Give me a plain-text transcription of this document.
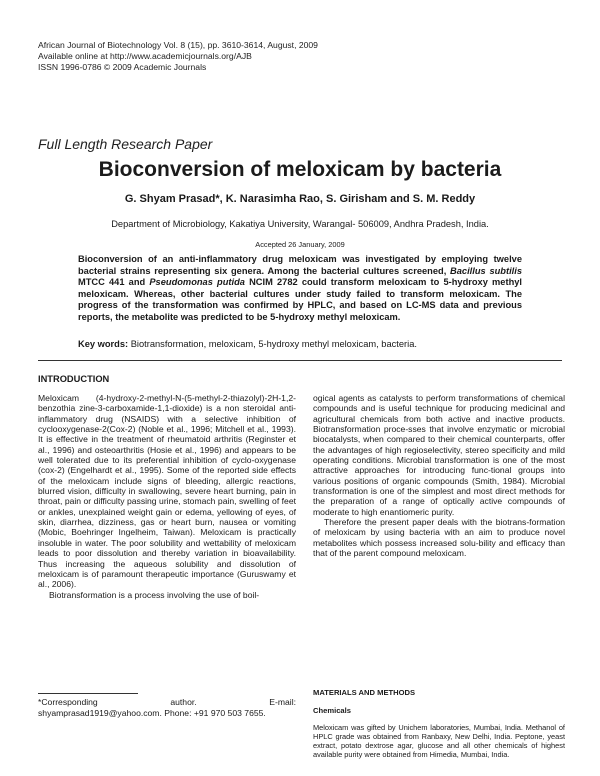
African Journal of Biotechnology Vol. 8 (15), pp. 3610-3614, August, 2009
Available online at http://www.academicjournals.org/AJB
ISSN 1996-0786 © 2009 Academic Journals
Full Length Research Paper
Bioconversion of meloxicam by bacteria
G. Shyam Prasad*, K. Narasimha Rao, S. Girisham and S. M. Reddy
Department of Microbiology, Kakatiya University, Warangal- 506009, Andhra Pradesh, India.
Accepted 26 January, 2009
Bioconversion of an anti-inflammatory drug meloxicam was investigated by employing twelve bacterial strains representing six genera. Among the bacterial cultures screened, Bacillus subtilis MTCC 441 and Pseudomonas putida NCIM 2782 could transform meloxicam to 5-hydroxy methyl meloxicam. Whereas, other bacterial cultures under study failed to transform meloxicam. The progress of the transformation was confirmed by HPLC, and based on LC-MS data and previous reports, the metabolite was predicted to be 5-hydroxy methyl meloxicam.
Key words: Biotransformation, meloxicam, 5-hydroxy methyl meloxicam, bacteria.
INTRODUCTION

Meloxicam (4-hydroxy-2-methyl-N-(5-methyl-2-thiazolyl)-2H-1,2-benzothia zine-3-carboxamide-1,1-dioxide) is a non steroidal anti-inflammatory drug (NSAIDS) with a selective inhibition of cyclooxygenase-2(Cox-2) (Noble et al., 1996; Mitchell et al., 1993). It is effective in the treatment of rheumatoid arthritis (Reginster et al., 1996) and osteoarthritis (Hosie et al., 1996) and appears to be well tolerated due to its preferential inhibition of cyclo-oxygenase (cox-2) (Engelhardt et al., 1995). Some of the reported side effects of the meloxicam include signs of bleeding, allergic reactions, blurred vision, difficulty in swallowing, severe heart burning, pain in throat, pain or difficulty passing urine, stomach pain, swelling of feet or ankles, unexplained weight gain or edema, yellowing of eyes, of skin, diarrhea, dizziness, gas or heart burn, nausea or vomiting (Mobic, Boehringer Ingelheim, Taiwan). Meloxicam is practically insoluble in water. The poor solubility and wettability of meloxicam leads to poor dissolution and thereby variation in bioavailability. Thus increasing the aqueous solubility and dissolution of meloxicam is of paramount therapeutic importance (Guruswamy et al., 2006).

Biotransformation is a process involving the use of boil-

ogical agents as catalysts to perform transformations of chemical compounds and is useful technique for producing medicinal and agricultural chemicals from both active and inactive products. Biotransformation proce-sses that involve enzymatic or microbial biocatalysts, when compared to their chemical counterparts, offer the advantages of high regioselectivity, stereo specificity and mild operating conditions. Microbial transformation is one of the most attractive approaches for introducing func-tional groups into various positions of organic compounds (Smith, 1984). Microbial transformation is one of the simplest and most direct methods for the preparation of a range of optically active compounds of moderate to high enantiomeric purity.

Therefore the present paper deals with the biotrans-formation of meloxicam by using bacteria with an aim to produce novel metabolites which possess increased solu-bility and efficacy than that of the parent compound meloxicam.

MATERIALS AND METHODS
Chemicals
Meloxicam was gifted by Unichem laboratories, Mumbai, India. Methanol of HPLC grade was obtained from Ranbaxy, New Delhi, India. Peptone, yeast extract, potato dextrose agar, glucose and all other chemicals of highest available purity were obtained from Himedia, Mumbai, India.
*Corresponding	author.	E-mail:
shyamprasad1919@yahoo.com. Phone: +91 970 503 7655.
